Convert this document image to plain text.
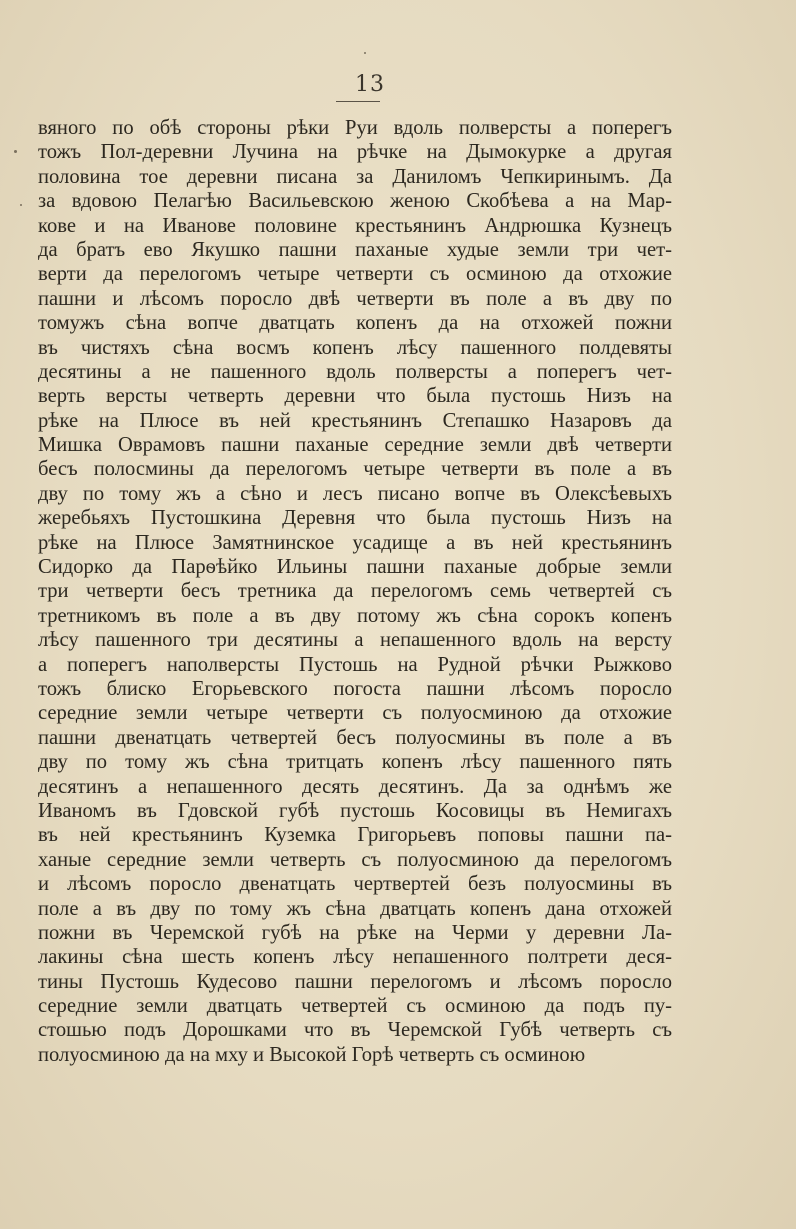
13
вяного по обѣ стороны рѣки Руи вдоль полверсты а поперегъ
тожъ Пол-деревни Лучина на рѣчке на Дымокурке а другая
половина тое деревни писана за Даниломъ Чепкиринымъ. Да
за вдовою Пелагѣю Васильевскою женою Скобѣева а на Мар-
кове и на Иванове половине крестьянинъ Андрюшка Кузнецъ
да братъ ево Якушко пашни паханые худые земли три чет-
верти да перелогомъ четыре четверти съ осминою да отхожие
пашни и лѣсомъ поросло двѣ четверти въ поле а въ дву по
томужъ сѣна вопче дватцать копенъ да на отхожей пожни
въ чистяхъ сѣна восмъ копенъ лѣсу пашенного полдевяты
десятины а не пашенного вдоль полверсты а поперегъ чет-
верть версты четверть деревни что была пустошь Низъ на
рѣке на Плюсе въ ней крестьянинъ Степашко Назаровъ да
Мишка Овpамовъ пашни паханые середние земли двѣ четверти
бесъ полосмины да перелогомъ четыре четверти въ поле а въ
дву по тому жъ а сѣно и лесъ писано вопче въ Олексѣевыхъ
жеребьяхъ Пустошкина Деревня что была пустошь Низъ на
рѣке на Плюсе Замятнинское усадище а въ ней крестьянинъ
Сидорко да Парѳѣйко Ильины пашни паханые добрые земли
три четверти бесъ третника да перелогомъ семь четвертей съ
третникомъ въ поле а въ дву потому жъ сѣна сорокъ копенъ
лѣсу пашенного три десятины а непашенного вдоль на версту
а поперегъ наполверсты Пустошь на Рудной рѣчки Рыжково
тожъ блиско Егорьевского погоста пашни лѣсомъ поросло
середние земли четыре четверти съ полуосминою да отхожие
пашни двенатцать четвертей бесъ полуосмины въ поле а въ
дву по тому жъ сѣна тритцать копенъ лѣсу пашенного пять
десятинъ а непашенного десять десятинъ. Да за однѣмъ же
Иваномъ въ Гдовской губѣ пустошь Косовицы въ Немигахъ
въ ней крестьянинъ Куземка Григорьевъ поповы пашни па-
ханые середние земли четверть съ полуосминою да перелогомъ
и лѣсомъ поросло двенатцать чертвертей безъ полуосмины въ
поле а въ дву по тому жъ сѣна дватцать копенъ дана отхожей
пожни въ Черемской губѣ на рѣке на Черми у деревни Ла-
лакины сѣна шесть копенъ лѣсу непашенного полтрети деся-
тины Пустошь Кудесово пашни перелогомъ и лѣсомъ поросло
середние земли дватцать четвертей съ осминою да подъ пу-
стошью подъ Дорошками что въ Черемской Губѣ четверть съ
полуосминою да на мху и Высокой Горѣ четверть съ осминою
